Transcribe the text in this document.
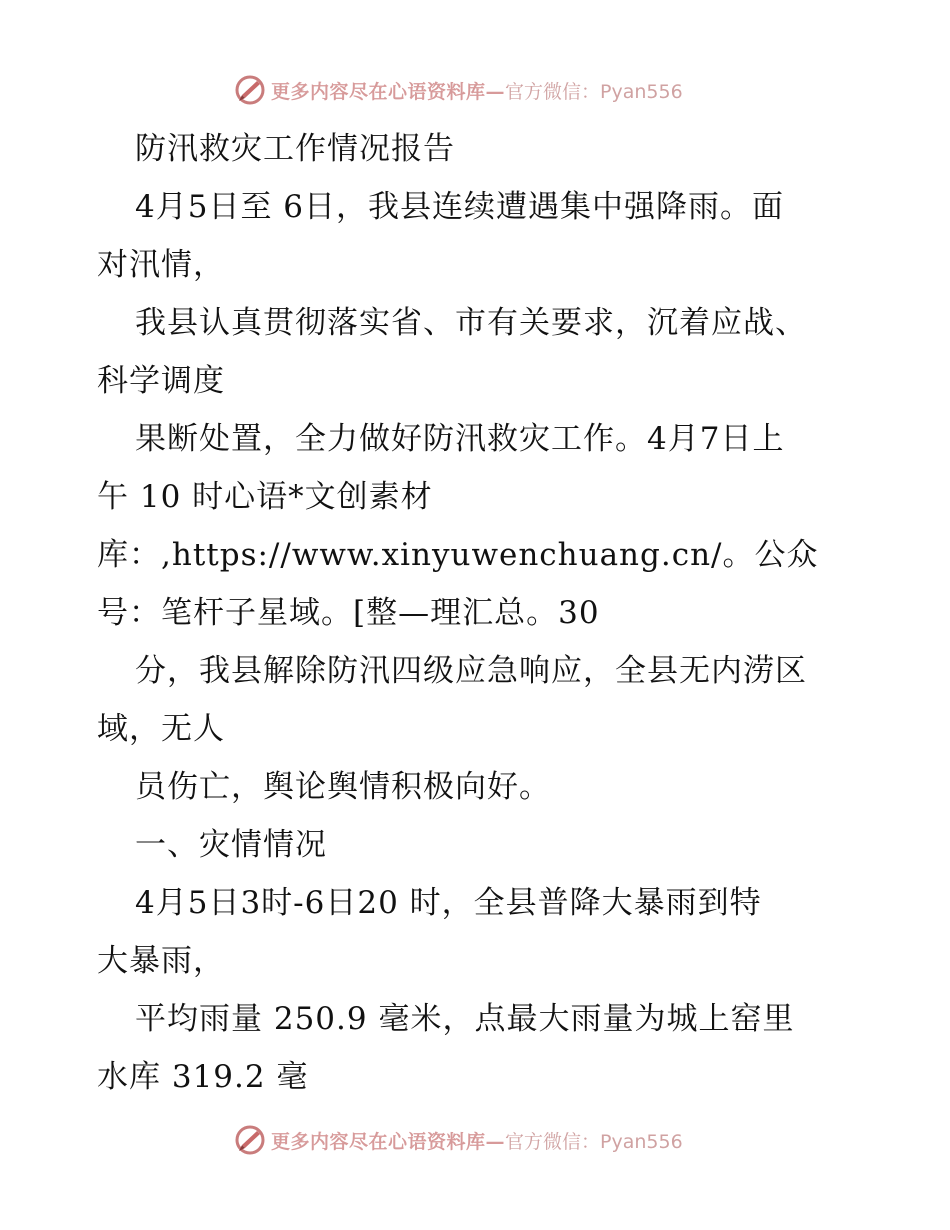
更多内容尽在心语资料库— 官方微信：Pyan556
防汛救灾工作情况报告
4月5日至 6日，我县连续遭遇集中强降雨。面
对汛情，
我县认真贯彻落实省、市有关要求，沉着应战、
科学调度
果断处置，全力做好防汛救灾工作。4月7日上
午 10 时心语*文创素材
库：,https://www.xinyuwenchuang.cn/。公众
号：笔杆子星域。[整—理汇总。30
分，我县解除防汛四级应急响应，全县无内涝区
域，无人
员伤亡，舆论舆情积极向好。
一、灾情情况
4月5日3时-6日20 时，全县普降大暴雨到特
大暴雨，
平均雨量 250.9 毫米，点最大雨量为城上窑里
水库 319.2 毫
更多内容尽在心语资料库— 官方微信：Pyan556
